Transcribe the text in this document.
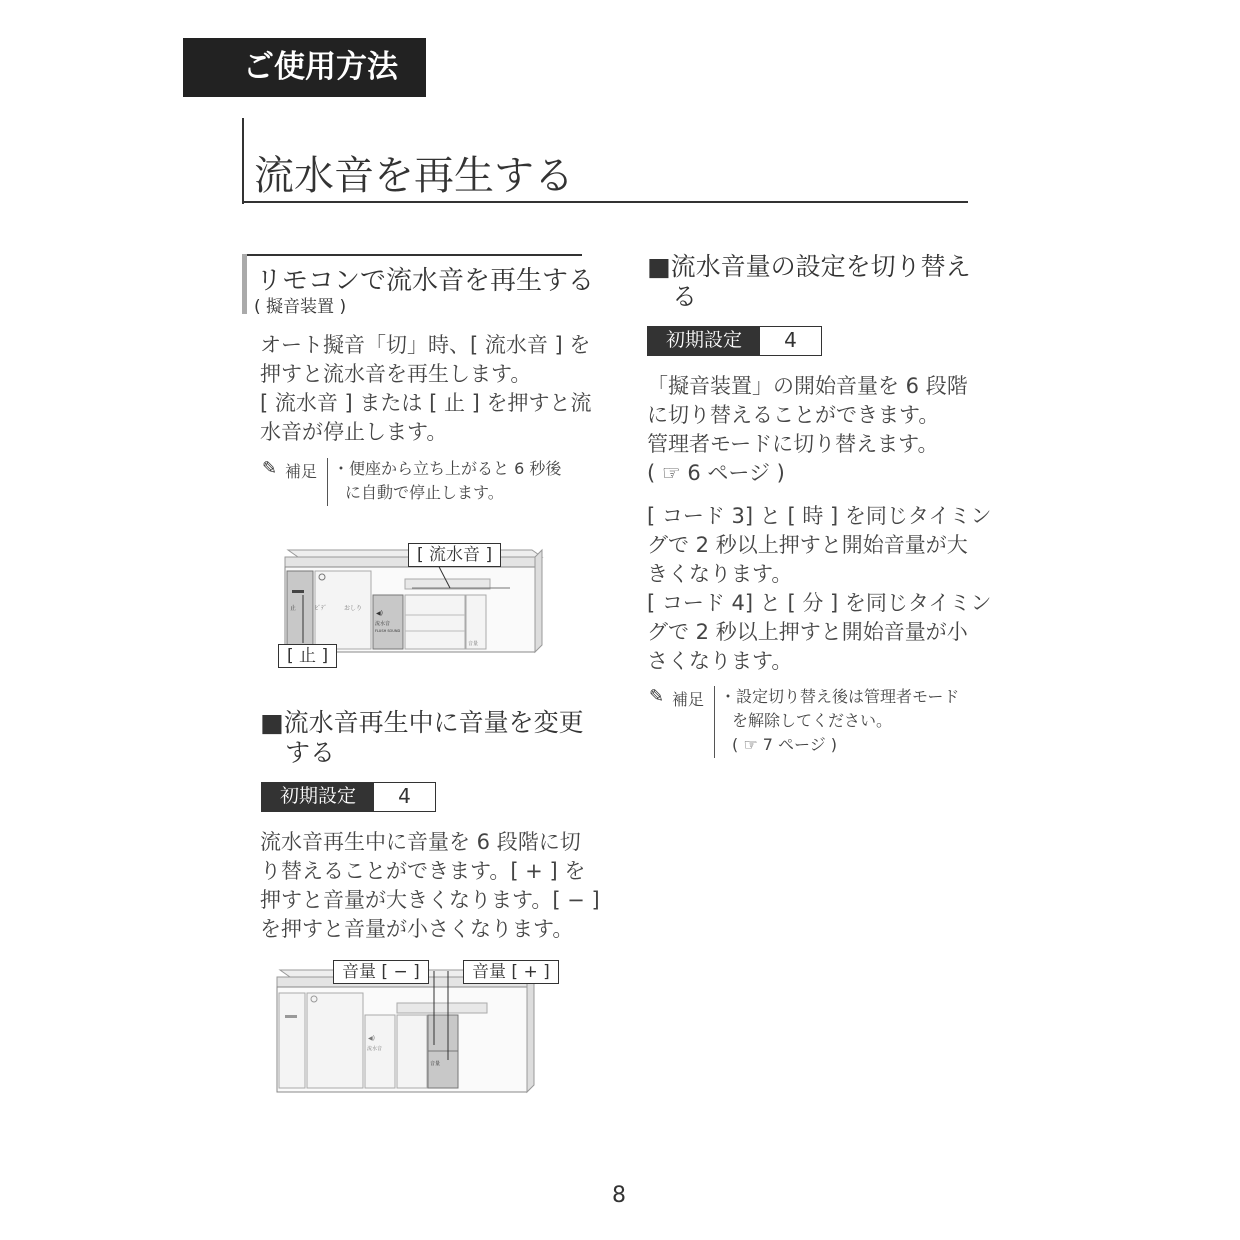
ご使用方法
流水音を再生する
リモコンで流水音を再生する
( 擬音装置 )
オート擬音「切」時、[ 流水音 ] を
押すと流水音を再生します。
[ 流水音 ] または [ 止 ] を押すと流
水音が停止します。
✎ 補足 ・便座から立ち上がると 6 秒後
に自動で停止します。
止	ﾋﾞﾃﾞ	おしり
◀)
流水音
FLUSH SOUND
音量
[ 流水音 ]
[ 止 ]
■流水音再生中に音量を変更
する
初期設定	4
流水音再生中に音量を 6 段階に切
り替えることができます。[ + ] を
押すと音量が大きくなります。[ − ]
を押すと音量が小さくなります。
◀)
流水音
音量
音量 [ − ]	音量 [ + ]
■流水音量の設定を切り替え
る
初期設定	4
「擬音装置」の開始音量を 6 段階
に切り替えることができます。
管理者モードに切り替えます。
( ☞ 6 ページ )
[ コード 3] と [ 時 ] を同じタイミン
グで 2 秒以上押すと開始音量が大
きくなります。
[ コード 4] と [ 分 ] を同じタイミン
グで 2 秒以上押すと開始音量が小
さくなります。
✎ 補足 ・設定切り替え後は管理者モード
を解除してください。
( ☞ 7 ページ )
8
